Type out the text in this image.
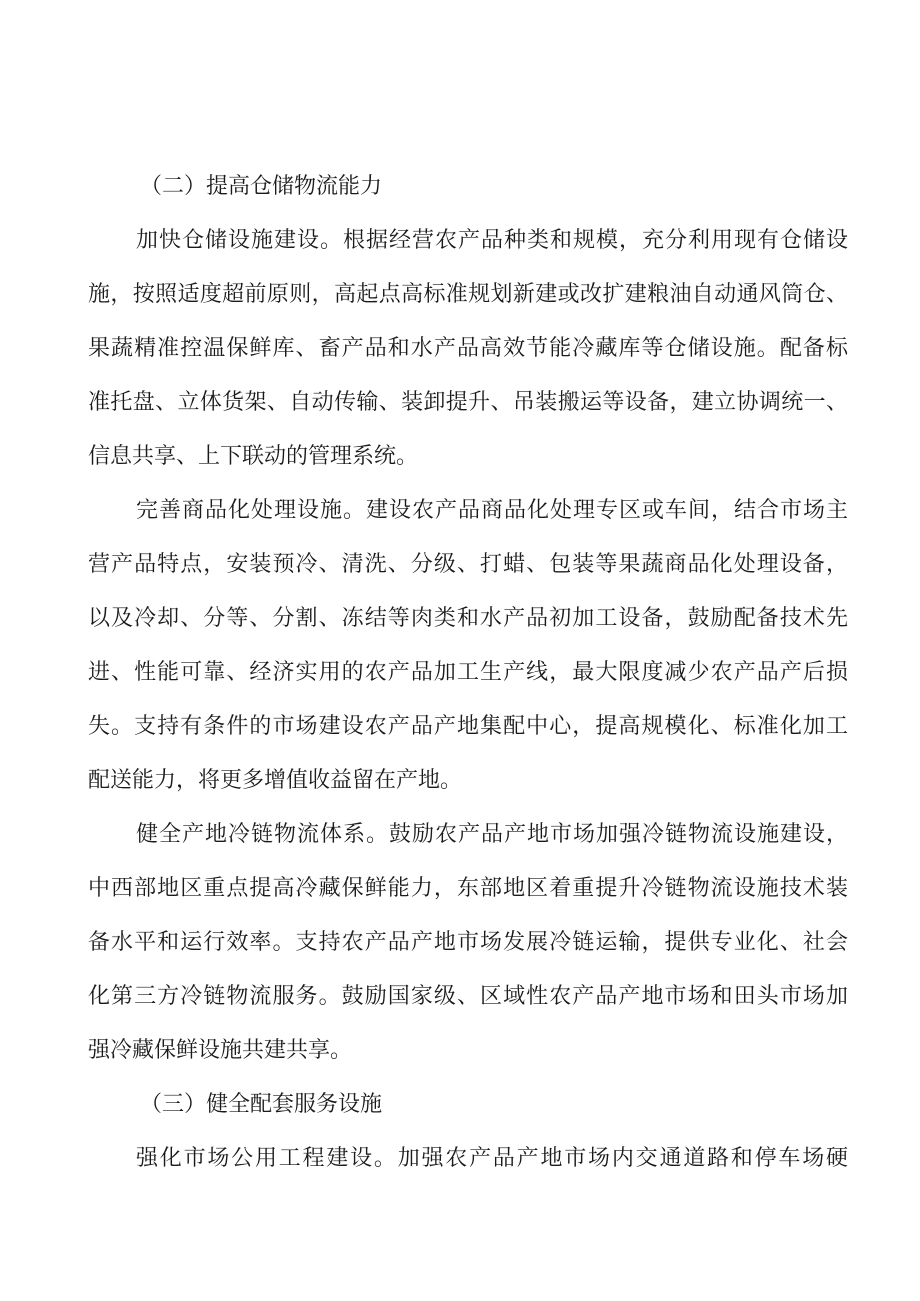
（二）提高仓储物流能力
加快仓储设施建设。根据经营农产品种类和规模，充分利用现有仓储设
施，按照适度超前原则，高起点高标准规划新建或改扩建粮油自动通风筒仓、
果蔬精准控温保鲜库、畜产品和水产品高效节能冷藏库等仓储设施。配备标
准托盘、立体货架、自动传输、装卸提升、吊装搬运等设备，建立协调统一、
信息共享、上下联动的管理系统。
完善商品化处理设施。建设农产品商品化处理专区或车间，结合市场主
营产品特点，安装预冷、清洗、分级、打蜡、包装等果蔬商品化处理设备，
以及冷却、分等、分割、冻结等肉类和水产品初加工设备，鼓励配备技术先
进、性能可靠、经济实用的农产品加工生产线，最大限度减少农产品产后损
失。支持有条件的市场建设农产品产地集配中心，提高规模化、标准化加工
配送能力，将更多增值收益留在产地。
健全产地冷链物流体系。鼓励农产品产地市场加强冷链物流设施建设，
中西部地区重点提高冷藏保鲜能力，东部地区着重提升冷链物流设施技术装
备水平和运行效率。支持农产品产地市场发展冷链运输，提供专业化、社会
化第三方冷链物流服务。鼓励国家级、区域性农产品产地市场和田头市场加
强冷藏保鲜设施共建共享。
（三）健全配套服务设施
强化市场公用工程建设。加强农产品产地市场内交通道路和停车场硬
